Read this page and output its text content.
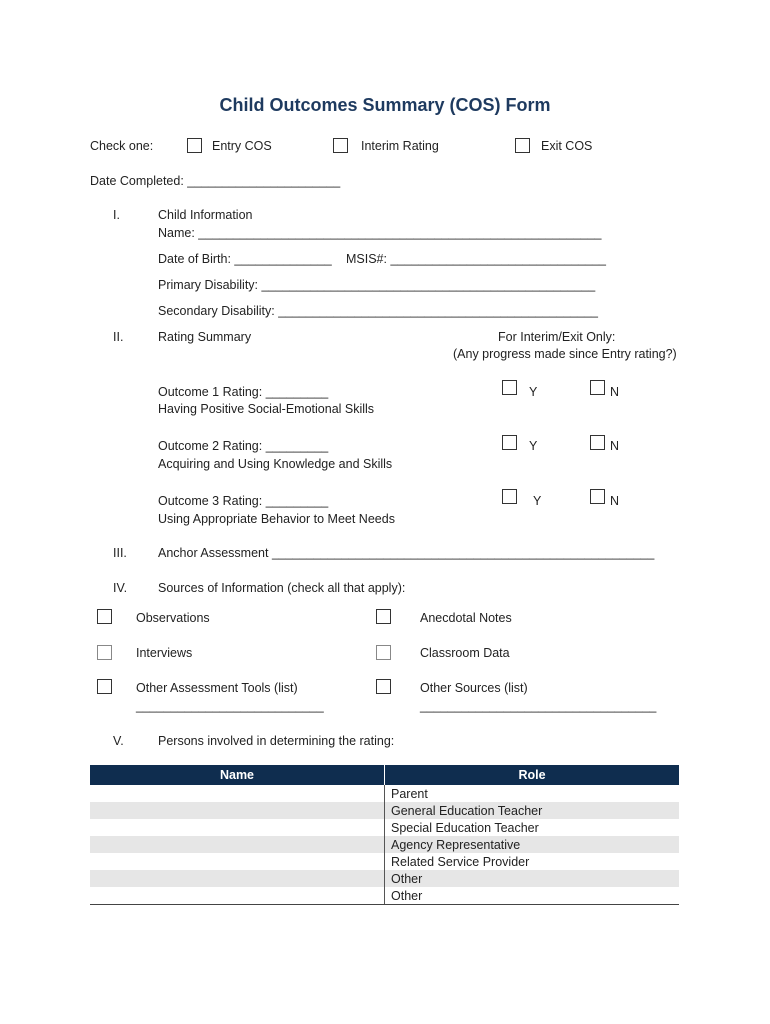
Child Outcomes Summary (COS) Form
Check one:	Entry COS	Interim Rating	Exit COS
Date Completed: ______________________
I.	Child Information
Name: __________________________________________________________
Date of Birth: ______________ MSIS#: _______________________________
Primary Disability: ________________________________________________
Secondary Disability: ______________________________________________
II.	Rating Summary	For Interim/Exit Only:
(Any progress made since Entry rating?)
Outcome 1 Rating: _________
Having Positive Social-Emotional Skills
Y	N
Outcome 2 Rating: _________
Acquiring and Using Knowledge and Skills
Y	N
Outcome 3 Rating: _________
Using Appropriate Behavior to Meet Needs
Y	N
III. Anchor Assessment _______________________________________________________
IV. Sources of Information (check all that apply):
Observations
Interviews
Other Assessment Tools (list)
___________________________
Anecdotal Notes
Classroom Data
Other Sources (list)
__________________________________
V.	Persons involved in determining the rating:
Name	Role
	Parent
	General Education Teacher
	Special Education Teacher
	Agency Representative
	Related Service Provider
	Other
	Other
